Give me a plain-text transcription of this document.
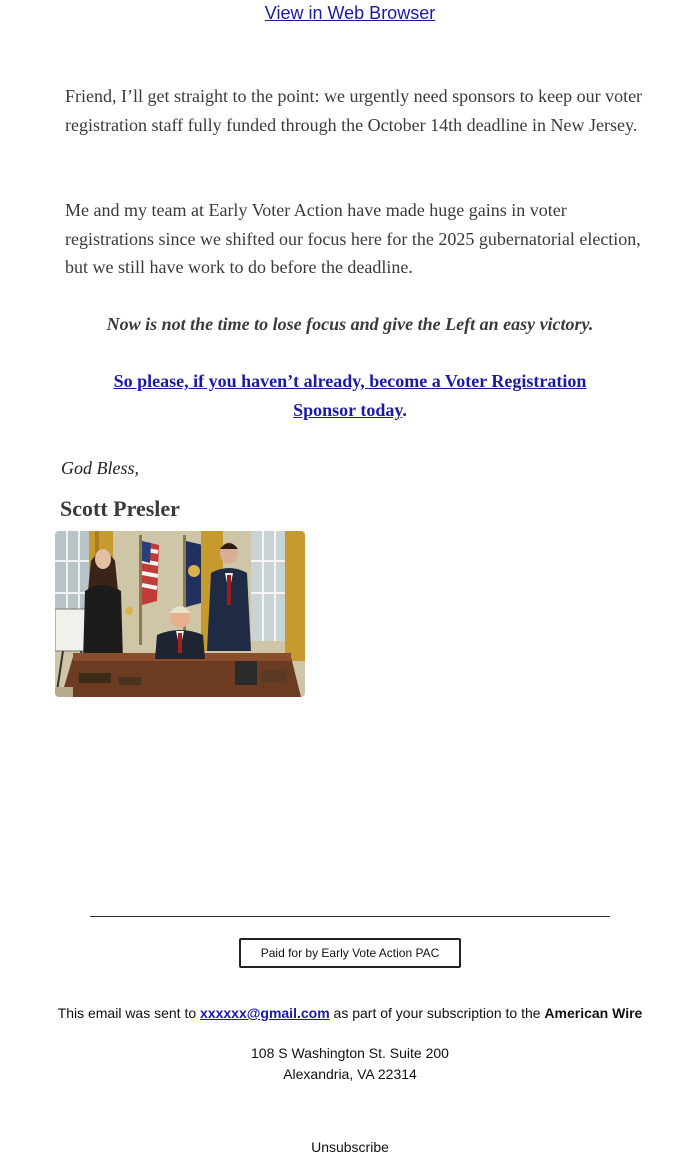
View in Web Browser

Friend, I’ll get straight to the point: we urgently need sponsors to keep our voter registration staff fully funded through the October 14th deadline in New Jersey.

Me and my team at Early Voter Action have made huge gains in voter registrations since we shifted our focus here for the 2025 gubernatorial election, but we still have work to do before the deadline.

Now is not the time to lose focus and give the Left an easy victory.

So please, if you haven’t already, become a Voter Registration Sponsor today.

God Bless,
Scott Presler
Paid for by Early Vote Action PAC
This email was sent to xxxxxx@gmail.com as part of your subscription to the American Wire
108 S Washington St. Suite 200
Alexandria, VA 22314
Unsubscribe
